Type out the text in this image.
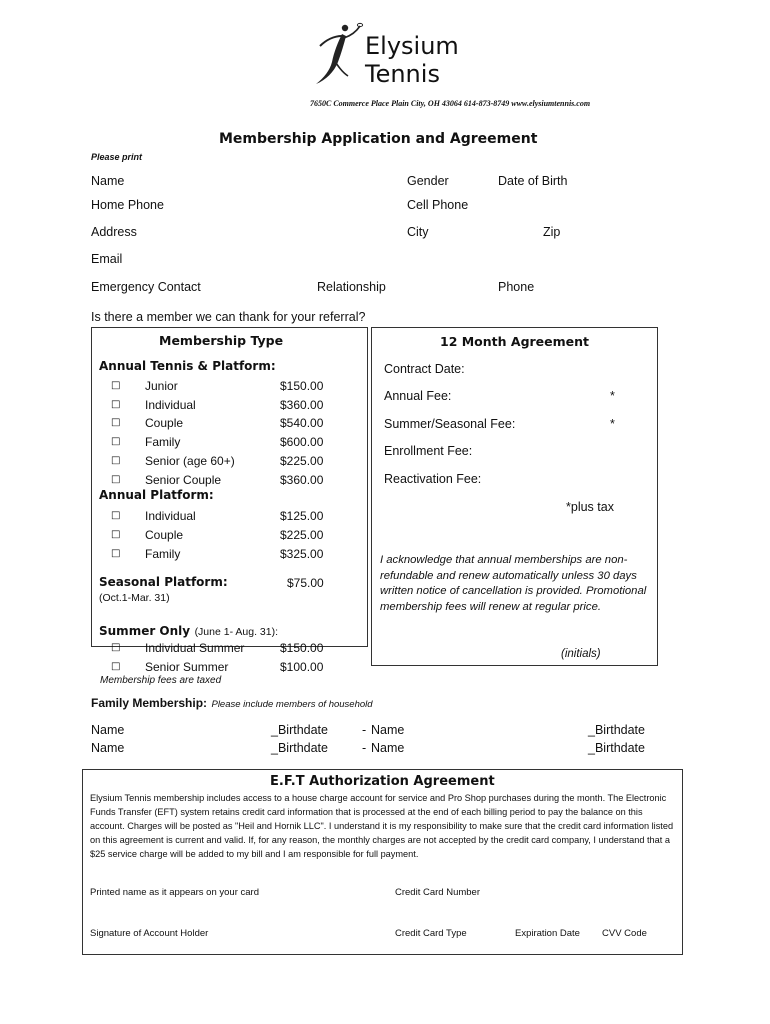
Elysium
Tennis
7650C Commerce Place Plain City, OH 43064 614-873-8749 www.elysiumtennis.com
Membership Application and Agreement
Please print
Name	Gender	Date of Birth
Home Phone	Cell Phone
Address	City	Zip
Email
Emergency Contact	Relationship	Phone
Is there a member we can thank for your referral?
Membership Type
Annual Tennis & Platform:
□ Junior	$150.00
□ Individual	$360.00
□ Couple	$540.00
□ Family	$600.00
□ Senior (age 60+)	$225.00
□ Senior Couple	$360.00
Annual Platform:
□ Individual	$125.00
□ Couple	$225.00
□ Family	$325.00
Seasonal Platform:	$75.00
(Oct.1-Mar. 31)
Summer Only (June 1- Aug. 31):
□ Individual Summer	$150.00
□ Senior Summer	$100.00
Membership fees are taxed
12 Month Agreement
Contract Date:
Annual Fee:	*
Summer/Seasonal Fee:	*
Enrollment Fee:
Reactivation Fee:
*plus tax
I acknowledge that annual memberships are non-refundable and renew automatically unless 30 days written notice of cancellation is provided. Promotional membership fees will renew at regular price.
(initials)
Family Membership: Please include members of household
Name	_Birthdate	- Name	_Birthdate
Name	_Birthdate	- Name	_Birthdate
E.F.T Authorization Agreement
Elysium Tennis membership includes access to a house charge account for service and Pro Shop purchases during the month. The Electronic Funds Transfer (EFT) system retains credit card information that is processed at the end of each billing period to pay the balance on this account. Charges will be posted as "Heil and Hornik LLC". I understand it is my responsibility to make sure that the credit card information listed on this agreement is current and valid. If, for any reason, the monthly charges are not accepted by the credit card company, I understand that a $25 service charge will be added to my bill and I am responsible for full payment.
Printed name as it appears on your card	Credit Card Number
Signature of Account Holder	Credit Card Type	Expiration Date CVV Code
